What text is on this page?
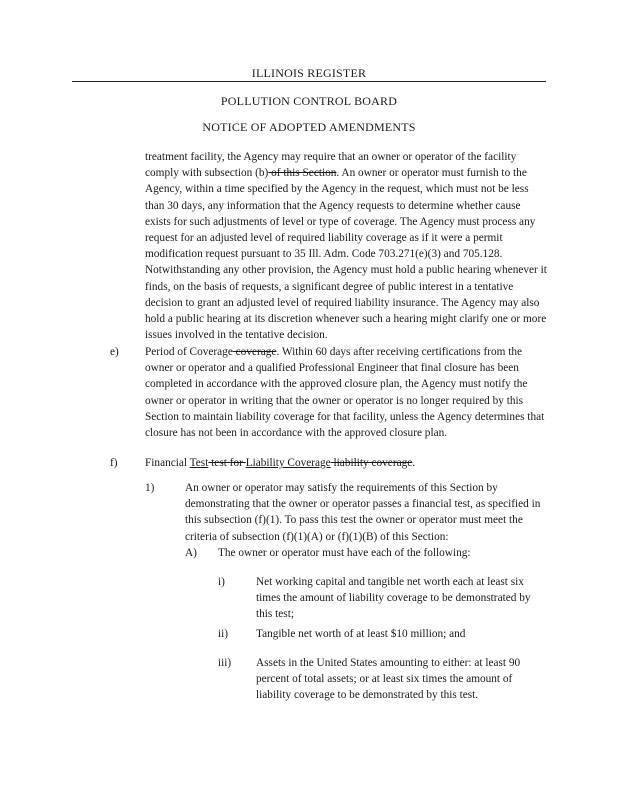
ILLINOIS REGISTER
POLLUTION CONTROL BOARD
NOTICE OF ADOPTED AMENDMENTS

treatment facility, the Agency may require that an owner or operator of the facility comply with subsection (b) of this Section. An owner or operator must furnish to the Agency, within a time specified by the Agency in the request, which must not be less than 30 days, any information that the Agency requests to determine whether cause exists for such adjustments of level or type of coverage. The Agency must process any request for an adjusted level of required liability coverage as if it were a permit modification request pursuant to 35 Ill. Adm. Code 703.271(e)(3) and 705.128. Notwithstanding any other provision, the Agency must hold a public hearing whenever it finds, on the basis of requests, a significant degree of public interest in a tentative decision to grant an adjusted level of required liability insurance. The Agency may also hold a public hearing at its discretion whenever such a hearing might clarify one or more issues involved in the tentative decision.

e) Period of Coverage coverage. Within 60 days after receiving certifications from the owner or operator and a qualified Professional Engineer that final closure has been completed in accordance with the approved closure plan, the Agency must notify the owner or operator in writing that the owner or operator is no longer required by this Section to maintain liability coverage for that facility, unless the Agency determines that closure has not been in accordance with the approved closure plan.

f) Financial Test test for Liability Coverage liability coverage.

1)	An owner or operator may satisfy the requirements of this Section by demonstrating that the owner or operator passes a financial test, as specified in this subsection (f)(1). To pass this test the owner or operator must meet the criteria of subsection (f)(1)(A) or (f)(1)(B) of this Section:

A) The owner or operator must have each of the following:

i)	Net working capital and tangible net worth each at least six times the amount of liability coverage to be demonstrated by this test;

ii) Tangible net worth of at least $10 million; and

iii) Assets in the United States amounting to either: at least 90 percent of total assets; or at least six times the amount of liability coverage to be demonstrated by this test.
